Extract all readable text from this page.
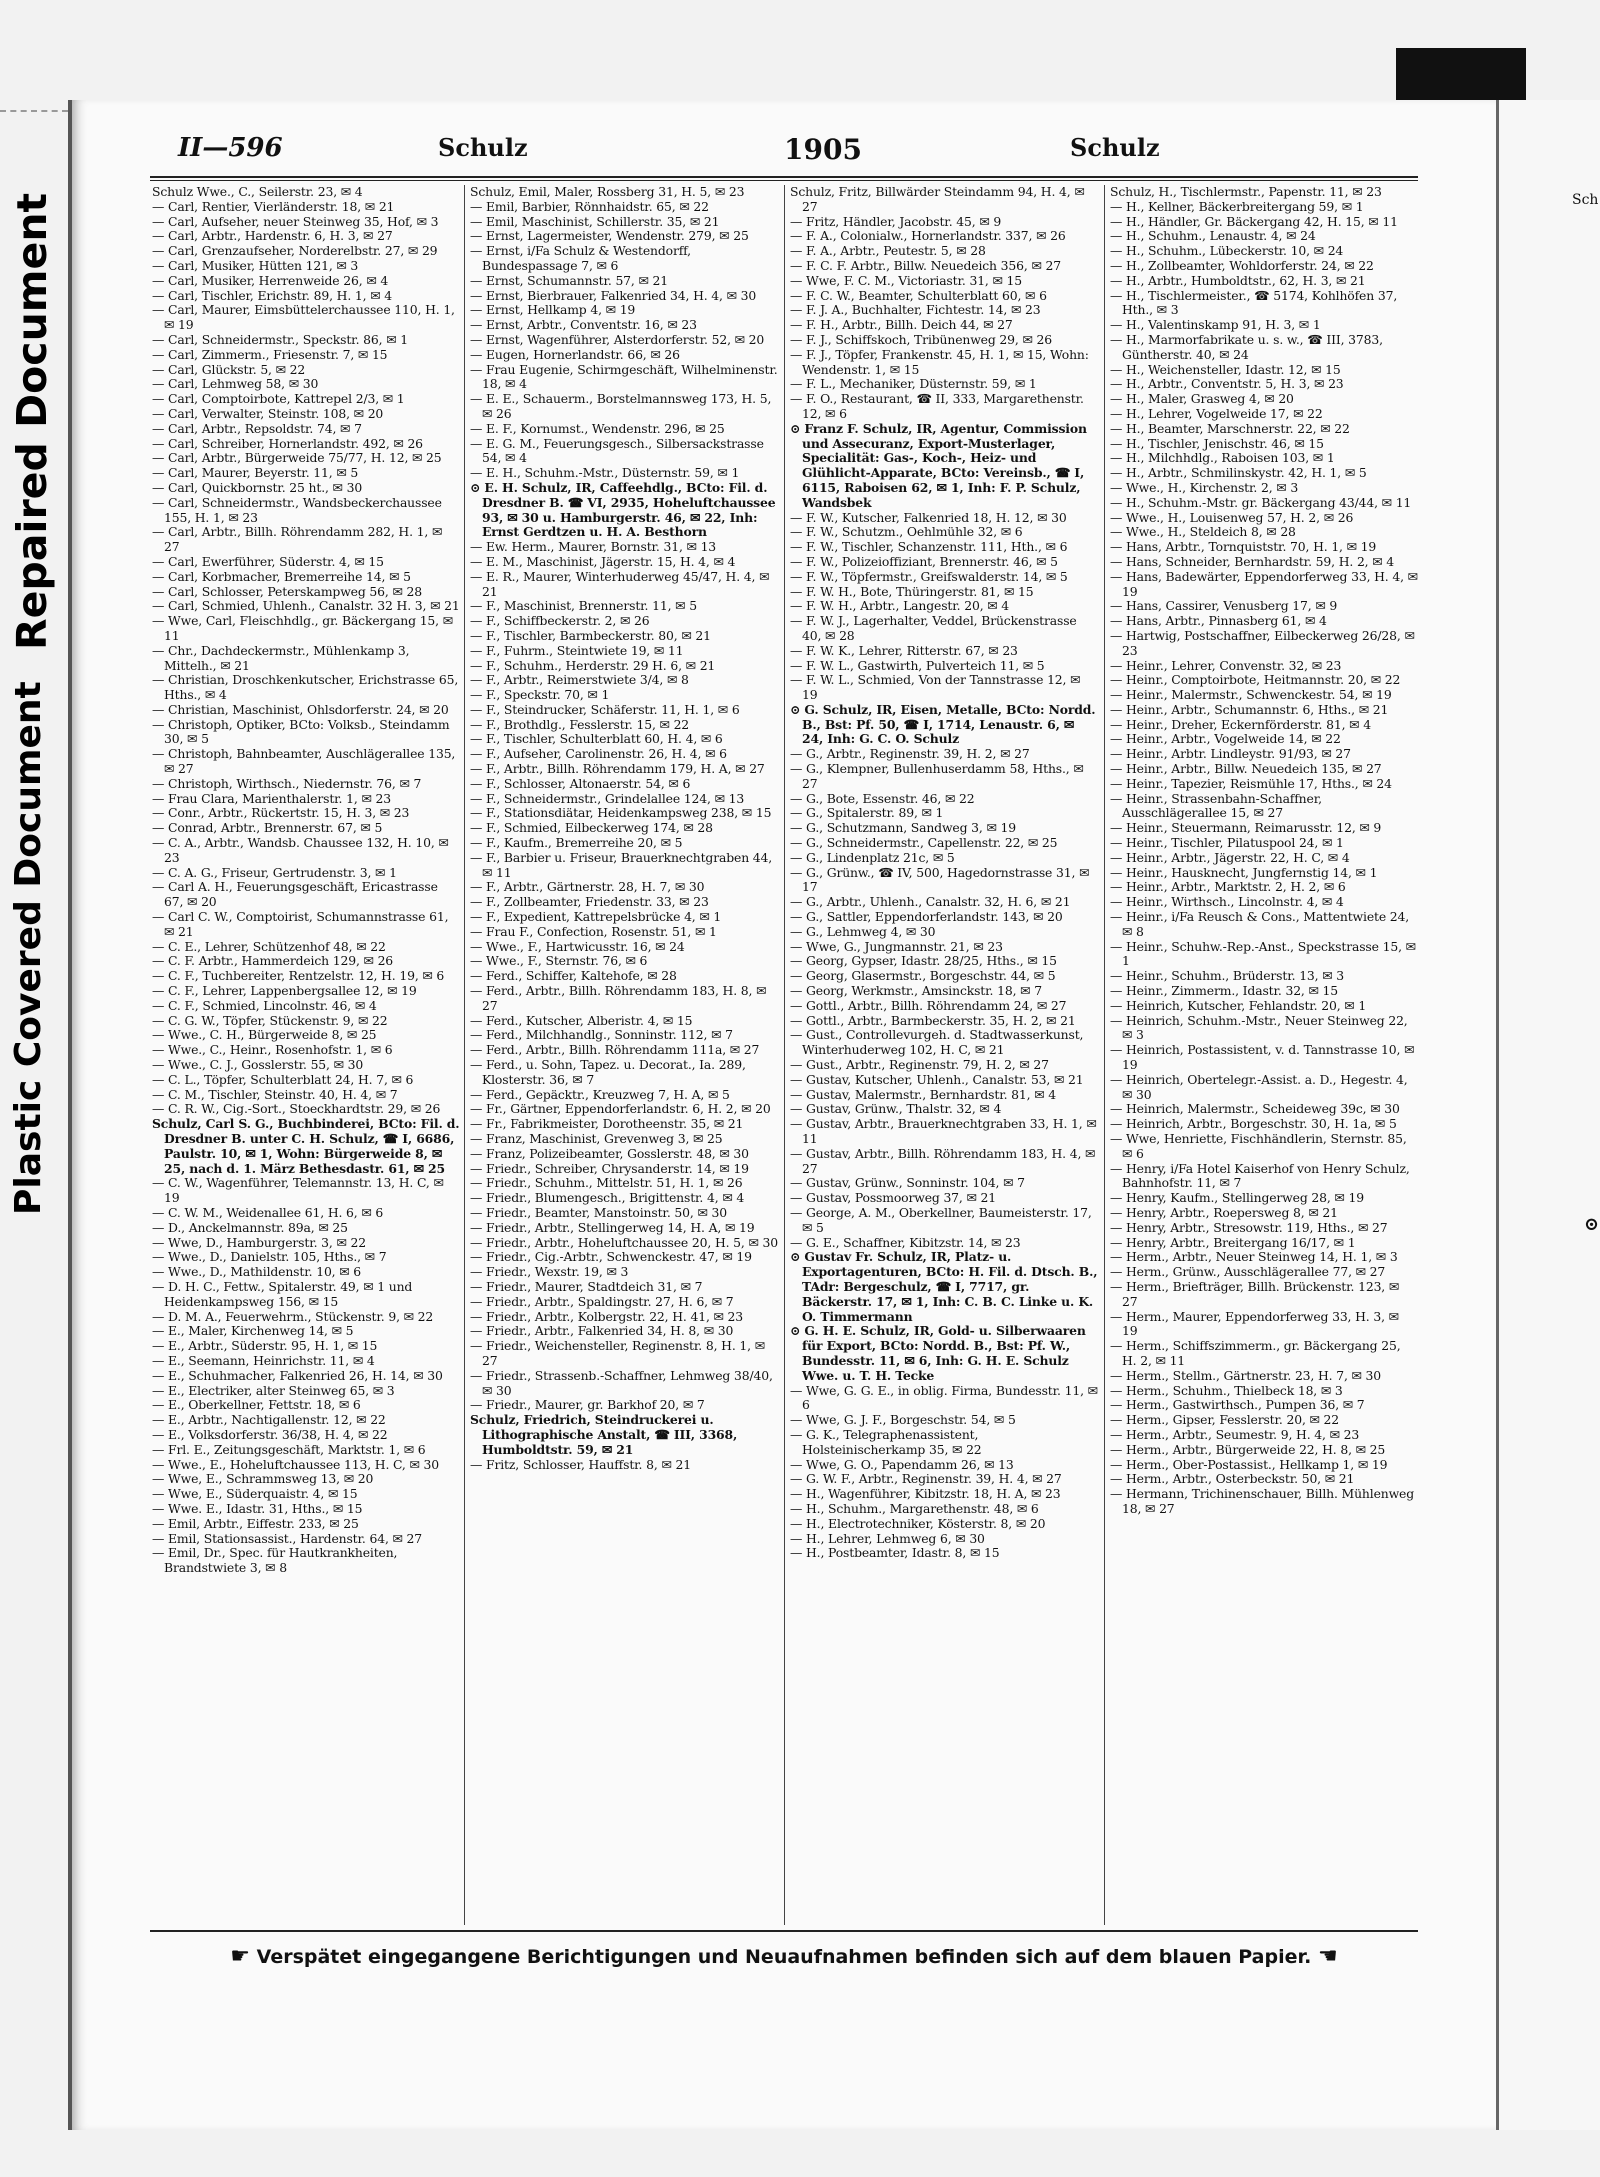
Repaired Document
Plastic Covered Document
Sch
⊙
II—596	Schulz	1905	Schulz

Schulz Wwe., C., Seilerstr. 23, ✉ 4

— Carl, Rentier, Vierländerstr. 18, ✉ 21

— Carl, Aufseher, neuer Steinweg 35, Hof, ✉ 3

— Carl, Arbtr., Hardenstr. 6, H. 3, ✉ 27

— Carl, Grenzaufseher, Norderelbstr. 27, ✉ 29

— Carl, Musiker, Hütten 121, ✉ 3

— Carl, Musiker, Herrenweide 26, ✉ 4

— Carl, Tischler, Erichstr. 89, H. 1, ✉ 4

— Carl, Maurer, Eimsbüttelerchaussee 110, H. 1, ✉ 19

— Carl, Schneidermstr., Speckstr. 86, ✉ 1

— Carl, Zimmerm., Friesenstr. 7, ✉ 15

— Carl, Glückstr. 5, ✉ 22

— Carl, Lehmweg 58, ✉ 30

— Carl, Comptoirbote, Kattrepel 2/3, ✉ 1

— Carl, Verwalter, Steinstr. 108, ✉ 20

— Carl, Arbtr., Repsoldstr. 74, ✉ 7

— Carl, Schreiber, Hornerlandstr. 492, ✉ 26

— Carl, Arbtr., Bürgerweide 75/77, H. 12, ✉ 25

— Carl, Maurer, Beyerstr. 11, ✉ 5

— Carl, Quickbornstr. 25 ht., ✉ 30

— Carl, Schneidermstr., Wandsbeckerchaussee 155, H. 1, ✉ 23

— Carl, Arbtr., Billh. Röhrendamm 282, H. 1, ✉ 27

— Carl, Ewerführer, Süderstr. 4, ✉ 15

— Carl, Korbmacher, Bremerreihe 14, ✉ 5

— Carl, Schlosser, Peterskampweg 56, ✉ 28

— Carl, Schmied, Uhlenh., Canalstr. 32 H. 3, ✉ 21

— Wwe, Carl, Fleischhdlg., gr. Bäckergang 15, ✉ 11

— Chr., Dachdeckermstr., Mühlenkamp 3, Mittelh., ✉ 21

— Christian, Droschkenkutscher, Erichstrasse 65, Hths., ✉ 4

— Christian, Maschinist, Ohlsdorferstr. 24, ✉ 20

— Christoph, Optiker, BCto: Volksb., Steindamm 30, ✉ 5

— Christoph, Bahnbeamter, Auschlägerallee 135, ✉ 27

— Christoph, Wirthsch., Niedernstr. 76, ✉ 7

— Frau Clara, Marienthalerstr. 1, ✉ 23

— Conr., Arbtr., Rückertstr. 15, H. 3, ✉ 23

— Conrad, Arbtr., Brennerstr. 67, ✉ 5

— C. A., Arbtr., Wandsb. Chaussee 132, H. 10, ✉ 23

— C. A. G., Friseur, Gertrudenstr. 3, ✉ 1

— Carl A. H., Feuerungsgeschäft, Ericastrasse 67, ✉ 20

— Carl C. W., Comptoirist, Schumannstrasse 61, ✉ 21

— C. E., Lehrer, Schützenhof 48, ✉ 22

— C. F. Arbtr., Hammerdeich 129, ✉ 26

— C. F., Tuchbereiter, Rentzelstr. 12, H. 19, ✉ 6

— C. F., Lehrer, Lappenbergsallee 12, ✉ 19

— C. F., Schmied, Lincolnstr. 46, ✉ 4

— C. G. W., Töpfer, Stückenstr. 9, ✉ 22

— Wwe., C. H., Bürgerweide 8, ✉ 25

— Wwe., C., Heinr., Rosenhofstr. 1, ✉ 6

— Wwe., C. J., Gosslerstr. 55, ✉ 30

— C. L., Töpfer, Schulterblatt 24, H. 7, ✉ 6

— C. M., Tischler, Steinstr. 40, H. 4, ✉ 7

— C. R. W., Cig.-Sort., Stoeckhardtstr. 29, ✉ 26

Schulz, Carl S. G., Buchbinderei, BCto: Fil. d. Dresdner B. unter C. H. Schulz, ☎ I, 6686, Paulstr. 10, ✉ 1, Wohn: Bürgerweide 8, ✉ 25, nach d. 1. März Bethesdastr. 61, ✉ 25

— C. W., Wagenführer, Telemannstr. 13, H. C, ✉ 19

— C. W. M., Weidenallee 61, H. 6, ✉ 6

— D., Anckelmannstr. 89a, ✉ 25

— Wwe, D., Hamburgerstr. 3, ✉ 22

— Wwe., D., Danielstr. 105, Hths., ✉ 7

— Wwe., D., Mathildenstr. 10, ✉ 6

— D. H. C., Fettw., Spitalerstr. 49, ✉ 1 und Heidenkampsweg 156, ✉ 15

— D. M. A., Feuerwehrm., Stückenstr. 9, ✉ 22

— E., Maler, Kirchenweg 14, ✉ 5

— E., Arbtr., Süderstr. 95, H. 1, ✉ 15

— E., Seemann, Heinrichstr. 11, ✉ 4

— E., Schuhmacher, Falkenried 26, H. 14, ✉ 30

— E., Electriker, alter Steinweg 65, ✉ 3

— E., Oberkellner, Fettstr. 18, ✉ 6

— E., Arbtr., Nachtigallenstr. 12, ✉ 22

— E., Volksdorferstr. 36/38, H. 4, ✉ 22

— Frl. E., Zeitungsgeschäft, Marktstr. 1, ✉ 6

— Wwe., E., Hoheluftchaussee 113, H. C, ✉ 30

— Wwe, E., Schrammsweg 13, ✉ 20

— Wwe, E., Süderquaistr. 4, ✉ 15

— Wwe. E., Idastr. 31, Hths., ✉ 15

— Emil, Arbtr., Eiffestr. 233, ✉ 25

— Emil, Stationsassist., Hardenstr. 64, ✉ 27

— Emil, Dr., Spec. für Hautkrankheiten, Brandstwiete 3, ✉ 8

Schulz, Emil, Maler, Rossberg 31, H. 5, ✉ 23

— Emil, Barbier, Rönnhaidstr. 65, ✉ 22

— Emil, Maschinist, Schillerstr. 35, ✉ 21

— Ernst, Lagermeister, Wendenstr. 279, ✉ 25

— Ernst, i/Fa Schulz & Westendorff, Bundespassage 7, ✉ 6

— Ernst, Schumannstr. 57, ✉ 21

— Ernst, Bierbrauer, Falkenried 34, H. 4, ✉ 30

— Ernst, Hellkamp 4, ✉ 19

— Ernst, Arbtr., Conventstr. 16, ✉ 23

— Ernst, Wagenführer, Alsterdorferstr. 52, ✉ 20

— Eugen, Hornerlandstr. 66, ✉ 26

— Frau Eugenie, Schirmgeschäft, Wilhelminenstr. 18, ✉ 4

— E. E., Schauerm., Borstelmannsweg 173, H. 5, ✉ 26

— E. F., Kornumst., Wendenstr. 296, ✉ 25

— E. G. M., Feuerungsgesch., Silbersackstrasse 54, ✉ 4

— E. H., Schuhm.-Mstr., Düsternstr. 59, ✉ 1

⊙ E. H. Schulz, IR, Caffeehdlg., BCto: Fil. d. Dresdner B. ☎ VI, 2935, Hoheluftchaussee 93, ✉ 30 u. Hamburgerstr. 46, ✉ 22, Inh: Ernst Gerdtzen u. H. A. Besthorn

— Ew. Herm., Maurer, Bornstr. 31, ✉ 13

— E. M., Maschinist, Jägerstr. 15, H. 4, ✉ 4

— E. R., Maurer, Winterhuderweg 45/47, H. 4, ✉ 21

— F., Maschinist, Brennerstr. 11, ✉ 5

— F., Schiffbeckerstr. 2, ✉ 26

— F., Tischler, Barmbeckerstr. 80, ✉ 21

— F., Fuhrm., Steintwiete 19, ✉ 11

— F., Schuhm., Herderstr. 29 H. 6, ✉ 21

— F., Arbtr., Reimerstwiete 3/4, ✉ 8

— F., Speckstr. 70, ✉ 1

— F., Steindrucker, Schäferstr. 11, H. 1, ✉ 6

— F., Brothdlg., Fesslerstr. 15, ✉ 22

— F., Tischler, Schulterblatt 60, H. 4, ✉ 6

— F., Aufseher, Carolinenstr. 26, H. 4, ✉ 6

— F., Arbtr., Billh. Röhrendamm 179, H. A, ✉ 27

— F., Schlosser, Altonaerstr. 54, ✉ 6

— F., Schneidermstr., Grindelallee 124, ✉ 13

— F., Stationsdiätar, Heidenkampsweg 238, ✉ 15

— F., Schmied, Eilbeckerweg 174, ✉ 28

— F., Kaufm., Bremerreihe 20, ✉ 5

— F., Barbier u. Friseur, Brauerknechtgraben 44, ✉ 11

— F., Arbtr., Gärtnerstr. 28, H. 7, ✉ 30

— F., Zollbeamter, Friedenstr. 33, ✉ 23

— F., Expedient, Kattrepelsbrücke 4, ✉ 1

— Frau F., Confection, Rosenstr. 51, ✉ 1

— Wwe., F., Hartwicusstr. 16, ✉ 24

— Wwe., F., Sternstr. 76, ✉ 6

— Ferd., Schiffer, Kaltehofe, ✉ 28

— Ferd., Arbtr., Billh. Röhrendamm 183, H. 8, ✉ 27

— Ferd., Kutscher, Alberistr. 4, ✉ 15

— Ferd., Milchhandlg., Sonninstr. 112, ✉ 7

— Ferd., Arbtr., Billh. Röhrendamm 111a, ✉ 27

— Ferd., u. Sohn, Tapez. u. Decorat., Ia. 289, Klosterstr. 36, ✉ 7

— Ferd., Gepäcktr., Kreuzweg 7, H. A, ✉ 5

— Fr., Gärtner, Eppendorferlandstr. 6, H. 2, ✉ 20

— Fr., Fabrikmeister, Dorotheenstr. 35, ✉ 21

— Franz, Maschinist, Grevenweg 3, ✉ 25

— Franz, Polizeibeamter, Gosslerstr. 48, ✉ 30

— Friedr., Schreiber, Chrysanderstr. 14, ✉ 19

— Friedr., Schuhm., Mittelstr. 51, H. 1, ✉ 26

— Friedr., Blumengesch., Brigittenstr. 4, ✉ 4

— Friedr., Beamter, Manstoinstr. 50, ✉ 30

— Friedr., Arbtr., Stellingerweg 14, H. A, ✉ 19

— Friedr., Arbtr., Hoheluftchaussee 20, H. 5, ✉ 30

— Friedr., Cig.-Arbtr., Schwenckestr. 47, ✉ 19

— Friedr., Wexstr. 19, ✉ 3

— Friedr., Maurer, Stadtdeich 31, ✉ 7

— Friedr., Arbtr., Spaldingstr. 27, H. 6, ✉ 7

— Friedr., Arbtr., Kolbergstr. 22, H. 41, ✉ 23

— Friedr., Arbtr., Falkenried 34, H. 8, ✉ 30

— Friedr., Weichensteller, Reginenstr. 8, H. 1, ✉ 27

— Friedr., Strassenb.-Schaffner, Lehmweg 38/40, ✉ 30

— Friedr., Maurer, gr. Barkhof 20, ✉ 7

Schulz, Friedrich, Steindruckerei u. Lithographische Anstalt, ☎ III, 3368, Humboldtstr. 59, ✉ 21

— Fritz, Schlosser, Hauffstr. 8, ✉ 21

Schulz, Fritz, Billwärder Steindamm 94, H. 4, ✉ 27

— Fritz, Händler, Jacobstr. 45, ✉ 9

— F. A., Colonialw., Hornerlandstr. 337, ✉ 26

— F. A., Arbtr., Peutestr. 5, ✉ 28

— F. C. F. Arbtr., Billw. Neuedeich 356, ✉ 27

— Wwe, F. C. M., Victoriastr. 31, ✉ 15

— F. C. W., Beamter, Schulterblatt 60, ✉ 6

— F. J. A., Buchhalter, Fichtestr. 14, ✉ 23

— F. H., Arbtr., Billh. Deich 44, ✉ 27

— F. J., Schiffskoch, Tribünenweg 29, ✉ 26

— F. J., Töpfer, Frankenstr. 45, H. 1, ✉ 15, Wohn: Wendenstr. 1, ✉ 15

— F. L., Mechaniker, Düsternstr. 59, ✉ 1

— F. O., Restaurant, ☎ II, 333, Margarethenstr. 12, ✉ 6

⊙ Franz F. Schulz, IR, Agentur, Commission und Assecuranz, Export-Musterlager, Specialität: Gas-, Koch-, Heiz- und Glühlicht-Apparate, BCto: Vereinsb., ☎ I, 6115, Raboisen 62, ✉ 1, Inh: F. P. Schulz, Wandsbek

— F. W., Kutscher, Falkenried 18, H. 12, ✉ 30

— F. W., Schutzm., Oehlmühle 32, ✉ 6

— F. W., Tischler, Schanzenstr. 111, Hth., ✉ 6

— F. W., Polizeioffiziant, Brennerstr. 46, ✉ 5

— F. W., Töpfermstr., Greifswalderstr. 14, ✉ 5

— F. W. H., Bote, Thüringerstr. 81, ✉ 15

— F. W. H., Arbtr., Langestr. 20, ✉ 4

— F. W. J., Lagerhalter, Veddel, Brückenstrasse 40, ✉ 28

— F. W. K., Lehrer, Ritterstr. 67, ✉ 23

— F. W. L., Gastwirth, Pulverteich 11, ✉ 5

— F. W. L., Schmied, Von der Tannstrasse 12, ✉ 19

⊙ G. Schulz, IR, Eisen, Metalle, BCto: Nordd. B., Bst: Pf. 50, ☎ I, 1714, Lenaustr. 6, ✉ 24, Inh: G. C. O. Schulz

— G., Arbtr., Reginenstr. 39, H. 2, ✉ 27

— G., Klempner, Bullenhuserdamm 58, Hths., ✉ 27

— G., Bote, Essenstr. 46, ✉ 22

— G., Spitalerstr. 89, ✉ 1

— G., Schutzmann, Sandweg 3, ✉ 19

— G., Schneidermstr., Capellenstr. 22, ✉ 25

— G., Lindenplatz 21c, ✉ 5

— G., Grünw., ☎ IV, 500, Hagedornstrasse 31, ✉ 17

— G., Arbtr., Uhlenh., Canalstr. 32, H. 6, ✉ 21

— G., Sattler, Eppendorferlandstr. 143, ✉ 20

— G., Lehmweg 4, ✉ 30

— Wwe, G., Jungmannstr. 21, ✉ 23

— Georg, Gypser, Idastr. 28/25, Hths., ✉ 15

— Georg, Glasermstr., Borgeschstr. 44, ✉ 5

— Georg, Werkmstr., Amsinckstr. 18, ✉ 7

— Gottl., Arbtr., Billh. Röhrendamm 24, ✉ 27

— Gottl., Arbtr., Barmbeckerstr. 35, H. 2, ✉ 21

— Gust., Controllevurgeh. d. Stadtwasserkunst, Winterhuderweg 102, H. C, ✉ 21

— Gust., Arbtr., Reginenstr. 79, H. 2, ✉ 27

— Gustav, Kutscher, Uhlenh., Canalstr. 53, ✉ 21

— Gustav, Malermstr., Bernhardstr. 81, ✉ 4

— Gustav, Grünw., Thalstr. 32, ✉ 4

— Gustav, Arbtr., Brauerknechtgraben 33, H. 1, ✉ 11

— Gustav, Arbtr., Billh. Röhrendamm 183, H. 4, ✉ 27

— Gustav, Grünw., Sonninstr. 104, ✉ 7

— Gustav, Possmoorweg 37, ✉ 21

— George, A. M., Oberkellner, Baumeisterstr. 17, ✉ 5

— G. E., Schaffner, Kibitzstr. 14, ✉ 23

⊙ Gustav Fr. Schulz, IR, Platz- u. Exportagenturen, BCto: H. Fil. d. Dtsch. B., TAdr: Bergeschulz, ☎ I, 7717, gr. Bäckerstr. 17, ✉ 1, Inh: C. B. C. Linke u. K. O. Timmermann

⊙ G. H. E. Schulz, IR, Gold- u. Silberwaaren für Export, BCto: Nordd. B., Bst: Pf. W., Bundesstr. 11, ✉ 6, Inh: G. H. E. Schulz Wwe. u. T. H. Tecke

— Wwe, G. G. E., in oblig. Firma, Bundesstr. 11, ✉ 6

— Wwe, G. J. F., Borgeschstr. 54, ✉ 5

— G. K., Telegraphenassistent, Holsteinischerkamp 35, ✉ 22

— Wwe, G. O., Papendamm 26, ✉ 13

— G. W. F., Arbtr., Reginenstr. 39, H. 4, ✉ 27

— H., Wagenführer, Kibitzstr. 18, H. A, ✉ 23

— H., Schuhm., Margarethenstr. 48, ✉ 6

— H., Electrotechniker, Kösterstr. 8, ✉ 20

— H., Lehrer, Lehmweg 6, ✉ 30

— H., Postbeamter, Idastr. 8, ✉ 15

Schulz, H., Tischlermstr., Papenstr. 11, ✉ 23

— H., Kellner, Bäckerbreitergang 59, ✉ 1

— H., Händler, Gr. Bäckergang 42, H. 15, ✉ 11

— H., Schuhm., Lenaustr. 4, ✉ 24

— H., Schuhm., Lübeckerstr. 10, ✉ 24

— H., Zollbeamter, Wohldorferstr. 24, ✉ 22

— H., Arbtr., Humboldtstr., 62, H. 3, ✉ 21

— H., Tischlermeister., ☎ 5174, Kohlhöfen 37, Hth., ✉ 3

— H., Valentinskamp 91, H. 3, ✉ 1

— H., Marmorfabrikate u. s. w., ☎ III, 3783, Güntherstr. 40, ✉ 24

— H., Weichensteller, Idastr. 12, ✉ 15

— H., Arbtr., Conventstr. 5, H. 3, ✉ 23

— H., Maler, Grasweg 4, ✉ 20

— H., Lehrer, Vogelweide 17, ✉ 22

— H., Beamter, Marschnerstr. 22, ✉ 22

— H., Tischler, Jenischstr. 46, ✉ 15

— H., Milchhdlg., Raboisen 103, ✉ 1

— H., Arbtr., Schmilinskystr. 42, H. 1, ✉ 5

— Wwe., H., Kirchenstr. 2, ✉ 3

— H., Schuhm.-Mstr. gr. Bäckergang 43/44, ✉ 11

— Wwe., H., Louisenweg 57, H. 2, ✉ 26

— Wwe., H., Steldeich 8, ✉ 28

— Hans, Arbtr., Tornquiststr. 70, H. 1, ✉ 19

— Hans, Schneider, Bernhardstr. 59, H. 2, ✉ 4

— Hans, Badewärter, Eppendorferweg 33, H. 4, ✉ 19

— Hans, Cassirer, Venusberg 17, ✉ 9

— Hans, Arbtr., Pinnasberg 61, ✉ 4

— Hartwig, Postschaffner, Eilbeckerweg 26/28, ✉ 23

— Heinr., Lehrer, Convenstr. 32, ✉ 23

— Heinr., Comptoirbote, Heitmannstr. 20, ✉ 22

— Heinr., Malermstr., Schwenckestr. 54, ✉ 19

— Heinr., Arbtr., Schumannstr. 6, Hths., ✉ 21

— Heinr., Dreher, Eckernförderstr. 81, ✉ 4

— Heinr., Arbtr., Vogelweide 14, ✉ 22

— Heinr., Arbtr. Lindleystr. 91/93, ✉ 27

— Heinr., Arbtr., Billw. Neuedeich 135, ✉ 27

— Heinr., Tapezier, Reismühle 17, Hths., ✉ 24

— Heinr., Strassenbahn-Schaffner, Ausschlägerallee 15, ✉ 27

— Heinr., Steuermann, Reimarusstr. 12, ✉ 9

— Heinr., Tischler, Pilatuspool 24, ✉ 1

— Heinr., Arbtr., Jägerstr. 22, H. C, ✉ 4

— Heinr., Hausknecht, Jungfernstig 14, ✉ 1

— Heinr., Arbtr., Marktstr. 2, H. 2, ✉ 6

— Heinr., Wirthsch., Lincolnstr. 4, ✉ 4

— Heinr., i/Fa Reusch & Cons., Mattentwiete 24, ✉ 8

— Heinr., Schuhw.-Rep.-Anst., Speckstrasse 15, ✉ 1

— Heinr., Schuhm., Brüderstr. 13, ✉ 3

— Heinr., Zimmerm., Idastr. 32, ✉ 15

— Heinrich, Kutscher, Fehlandstr. 20, ✉ 1

— Heinrich, Schuhm.-Mstr., Neuer Steinweg 22, ✉ 3

— Heinrich, Postassistent, v. d. Tannstrasse 10, ✉ 19

— Heinrich, Obertelegr.-Assist. a. D., Hegestr. 4, ✉ 30

— Heinrich, Malermstr., Scheideweg 39c, ✉ 30

— Heinrich, Arbtr., Borgeschstr. 30, H. 1a, ✉ 5

— Wwe, Henriette, Fischhändlerin, Sternstr. 85, ✉ 6

— Henry, i/Fa Hotel Kaiserhof von Henry Schulz, Bahnhofstr. 11, ✉ 7

— Henry, Kaufm., Stellingerweg 28, ✉ 19

— Henry, Arbtr., Roepersweg 8, ✉ 21

— Henry, Arbtr., Stresowstr. 119, Hths., ✉ 27

— Henry, Arbtr., Breitergang 16/17, ✉ 1

— Herm., Arbtr., Neuer Steinweg 14, H. 1, ✉ 3

— Herm., Grünw., Ausschlägerallee 77, ✉ 27

— Herm., Briefträger, Billh. Brückenstr. 123, ✉ 27

— Herm., Maurer, Eppendorferweg 33, H. 3, ✉ 19

— Herm., Schiffszimmerm., gr. Bäckergang 25, H. 2, ✉ 11

— Herm., Stellm., Gärtnerstr. 23, H. 7, ✉ 30

— Herm., Schuhm., Thielbeck 18, ✉ 3

— Herm., Gastwirthsch., Pumpen 36, ✉ 7

— Herm., Gipser, Fesslerstr. 20, ✉ 22

— Herm., Arbtr., Seumestr. 9, H. 4, ✉ 23

— Herm., Arbtr., Bürgerweide 22, H. 8, ✉ 25

— Herm., Ober-Postassist., Hellkamp 1, ✉ 19

— Herm., Arbtr., Osterbeckstr. 50, ✉ 21

— Hermann, Trichinenschauer, Billh. Mühlenweg 18, ✉ 27

☛ Verspätet eingegangene Berichtigungen und Neuaufnahmen befinden sich auf dem blauen Papier. ☚
